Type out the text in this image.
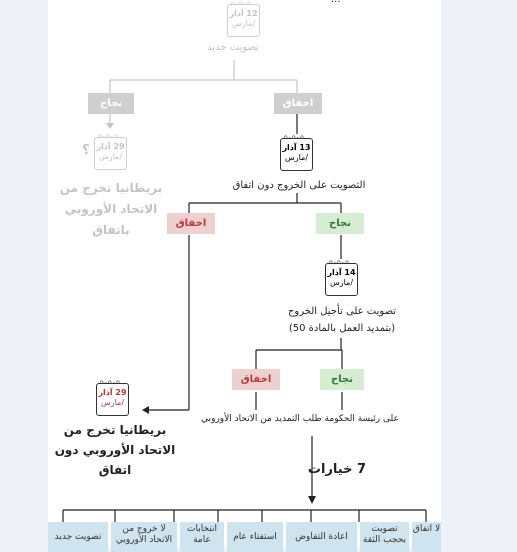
o-o-o
12 آذار
/مارس
تصويت جديد
نجاح	اخفاق
o-o-o
29 آذار
/مارس
؟
بريطانيا تخرج من
الاتحاد الأوروبي
باتفاق
o-o-o
13 آذار
/مارس
التصويت على الخروج دون اتفاق
اخفاق	نجاح
o-o-o
14 آذار
/مارس
تصويت على تأجيل الخروج
(بتمديد العمل بالمادة 50)
اخفاق	نجاح
على رئيسة الحكومة طلب التمديد من الاتحاد الأوروبي
o-o-o
29 آذار
/مارس
بريطانيا تخرج من
الاتحاد الأوروبي دون
اتفاق	7 خيارات
لا اتفاق
تصويت بحجب الثقة
اعادة التفاوض
استفتاء عام
انتخابات عامة
لا خروج من الاتحاد الأوروبي
تصويت جديد
